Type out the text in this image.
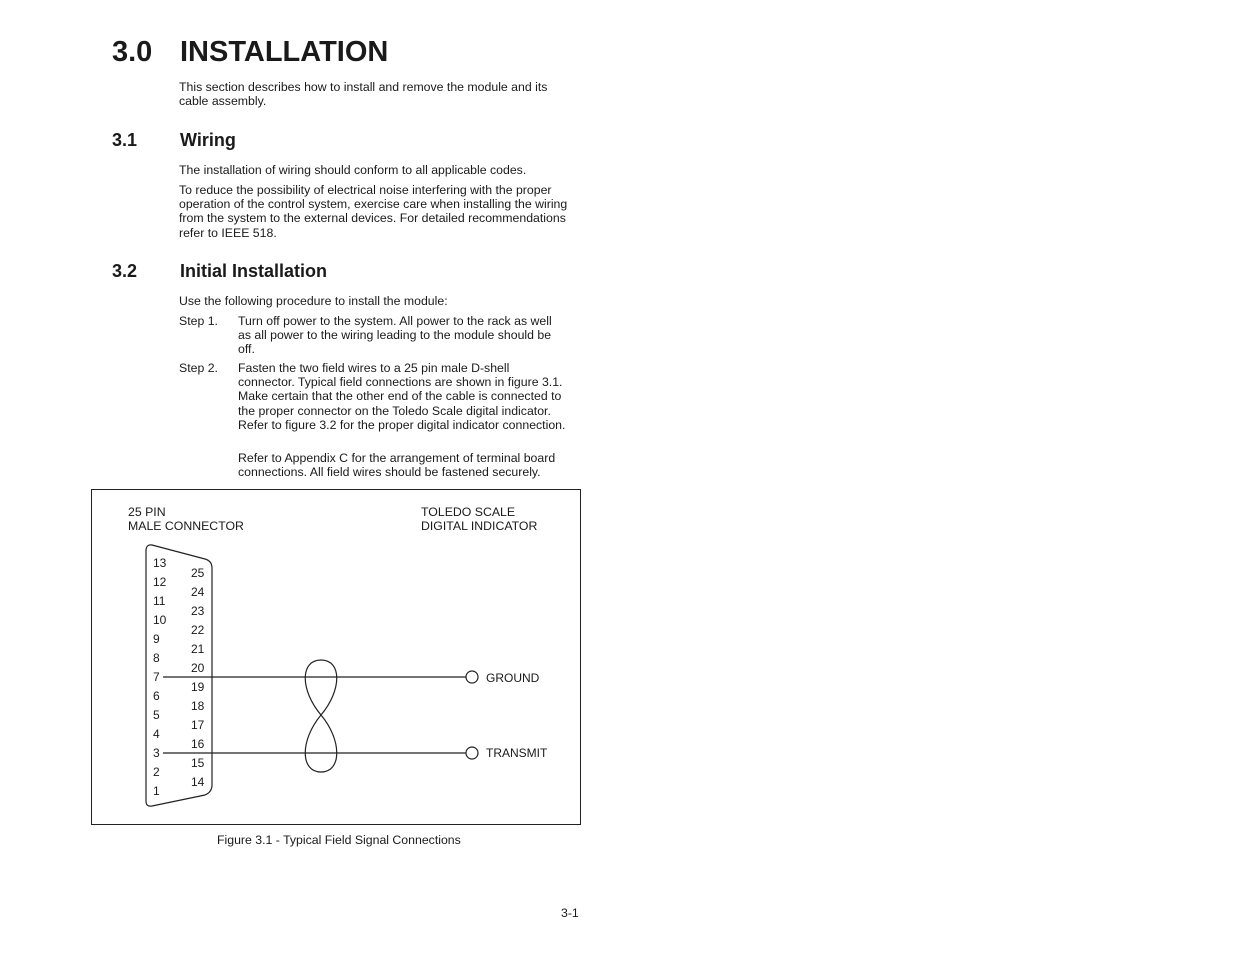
3.0 INSTALLATION
This section describes how to install and remove the module and its cable assembly.
3.1 Wiring
The installation of wiring should conform to all applicable codes.
To reduce the possibility of electrical noise interfering with the proper operation of the control system, exercise care when installing the wiring from the system to the external devices. For detailed recommendations refer to IEEE 518.
3.2 Initial Installation
Use the following procedure to install the module:
Step 1. Turn off power to the system. All power to the rack as well as all power to the wiring leading to the module should be off.
Step 2. Fasten the two field wires to a 25 pin male D-shell connector. Typical field connections are shown in figure 3.1. Make certain that the other end of the cable is connected to the proper connector on the Toledo Scale digital indicator. Refer to figure 3.2 for the proper digital indicator connection.
Refer to Appendix C for the arrangement of terminal board connections. All field wires should be fastened securely.
25 PIN
MALE CONNECTOR
TOLEDO SCALE
DIGITAL INDICATOR
13
12
11
10
9
8
7
6
5
4
3
2
1
25
24
23
22
21
20
19
18
17
16
15
14
GROUND
TRANSMIT
Figure 3.1 - Typical Field Signal Connections
3-1
